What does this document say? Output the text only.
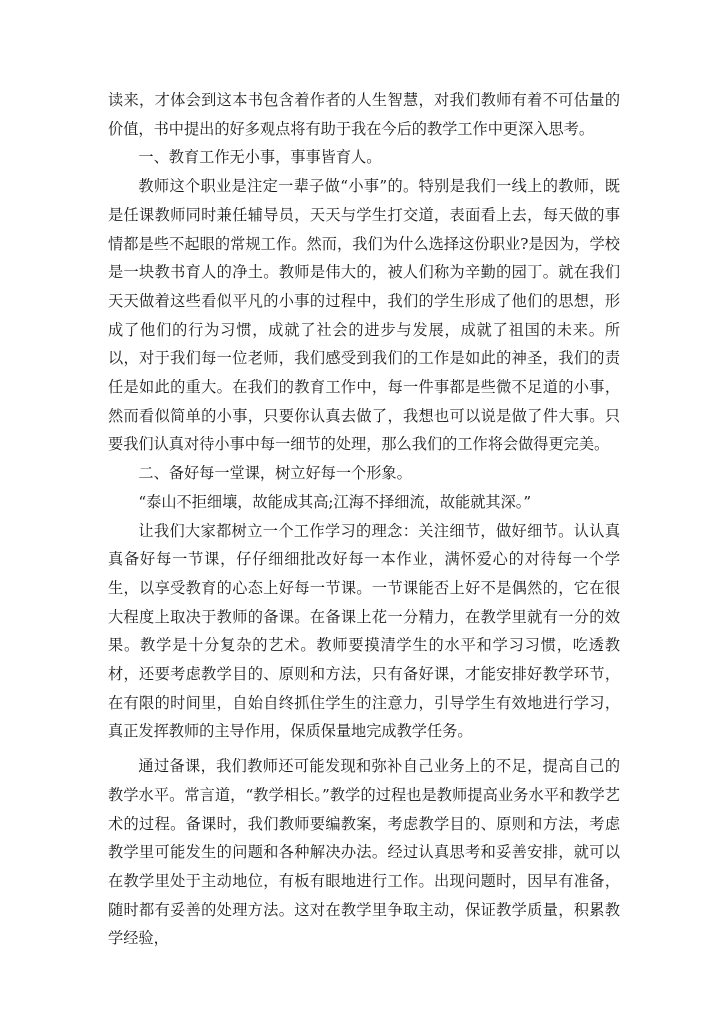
读来，才体会到这本书包含着作者的人生智慧，对我们教师有着不可估量的价值，书中提出的好多观点将有助于我在今后的教学工作中更深入思考。

一、教育工作无小事，事事皆育人。

教师这个职业是注定一辈子做“小事”的。特别是我们一线上的教师，既是任课教师同时兼任辅导员，天天与学生打交道，表面看上去，每天做的事情都是些不起眼的常规工作。然而，我们为什么选择这份职业?是因为，学校是一块教书育人的净土。教师是伟大的，被人们称为辛勤的园丁。就在我们天天做着这些看似平凡的小事的过程中，我们的学生形成了他们的思想，形成了他们的行为习惯，成就了社会的进步与发展，成就了祖国的未来。所以，对于我们每一位老师，我们感受到我们的工作是如此的神圣，我们的责任是如此的重大。在我们的教育工作中，每一件事都是些微不足道的小事，然而看似简单的小事，只要你认真去做了，我想也可以说是做了件大事。只要我们认真对待小事中每一细节的处理，那么我们的工作将会做得更完美。

二、备好每一堂课，树立好每一个形象。

“泰山不拒细壤，故能成其高;江海不择细流，故能就其深。”

让我们大家都树立一个工作学习的理念：关注细节，做好细节。认认真真备好每一节课，仔仔细细批改好每一本作业，满怀爱心的对待每一个学生，以享受教育的心态上好每一节课。一节课能否上好不是偶然的，它在很大程度上取决于教师的备课。在备课上花一分精力，在教学里就有一分的效果。教学是十分复杂的艺术。教师要摸清学生的水平和学习习惯，吃透教材，还要考虑教学目的、原则和方法，只有备好课，才能安排好教学环节，在有限的时间里，自始自终抓住学生的注意力，引导学生有效地进行学习，真正发挥教师的主导作用，保质保量地完成教学任务。

通过备课，我们教师还可能发现和弥补自己业务上的不足，提高自己的教学水平。常言道，“教学相长。”教学的过程也是教师提高业务水平和教学艺术的过程。备课时，我们教师要编教案，考虑教学目的、原则和方法，考虑教学里可能发生的问题和各种解决办法。经过认真思考和妥善安排，就可以在教学里处于主动地位，有板有眼地进行工作。出现问题时，因早有准备，随时都有妥善的处理方法。这对在教学里争取主动，保证教学质量，积累教学经验，
